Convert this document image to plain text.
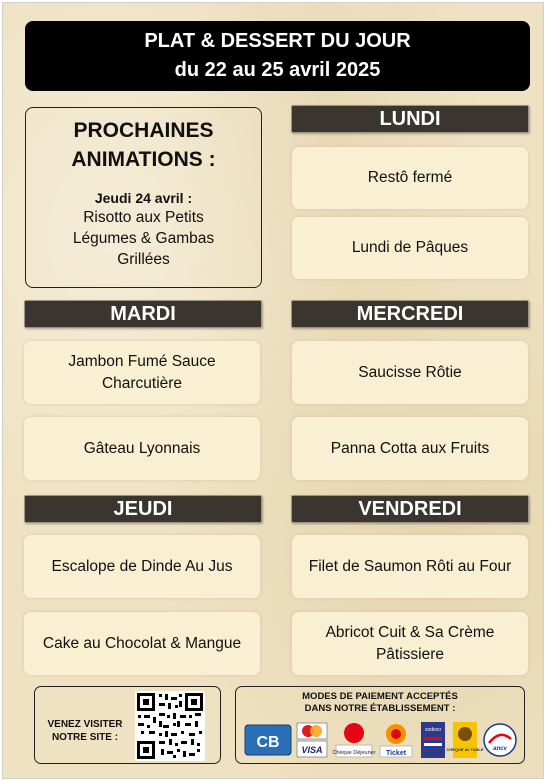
PLAT & DESSERT DU JOUR
du 22 au 25 avril 2025
PROCHAINES
ANIMATIONS :
Jeudi 24 avril :
Risotto aux Petits
Légumes & Gambas
Grillées
LUNDI
Restô fermé
Lundi de Pâques
MARDI
Jambon Fumé Sauce Charcutière
Gâteau Lyonnais
MERCREDI
Saucisse Rôtie
Panna Cotta aux Fruits
JEUDI
Escalope de Dinde Au Jus
Cake au Chocolat & Mangue
VENDREDI
Filet de Saumon Rôti au Four
Abricot Cuit & Sa Crème Pâtissiere
VENEZ VISITER NOTRE SITE :
MODES DE PAIEMENT ACCEPTÉS
DANS NOTRE ÉTABLISSEMENT :
CB VISA Chèque Déjeuner Ticket
sodexo
CHÈQUE de TABLE ancv
